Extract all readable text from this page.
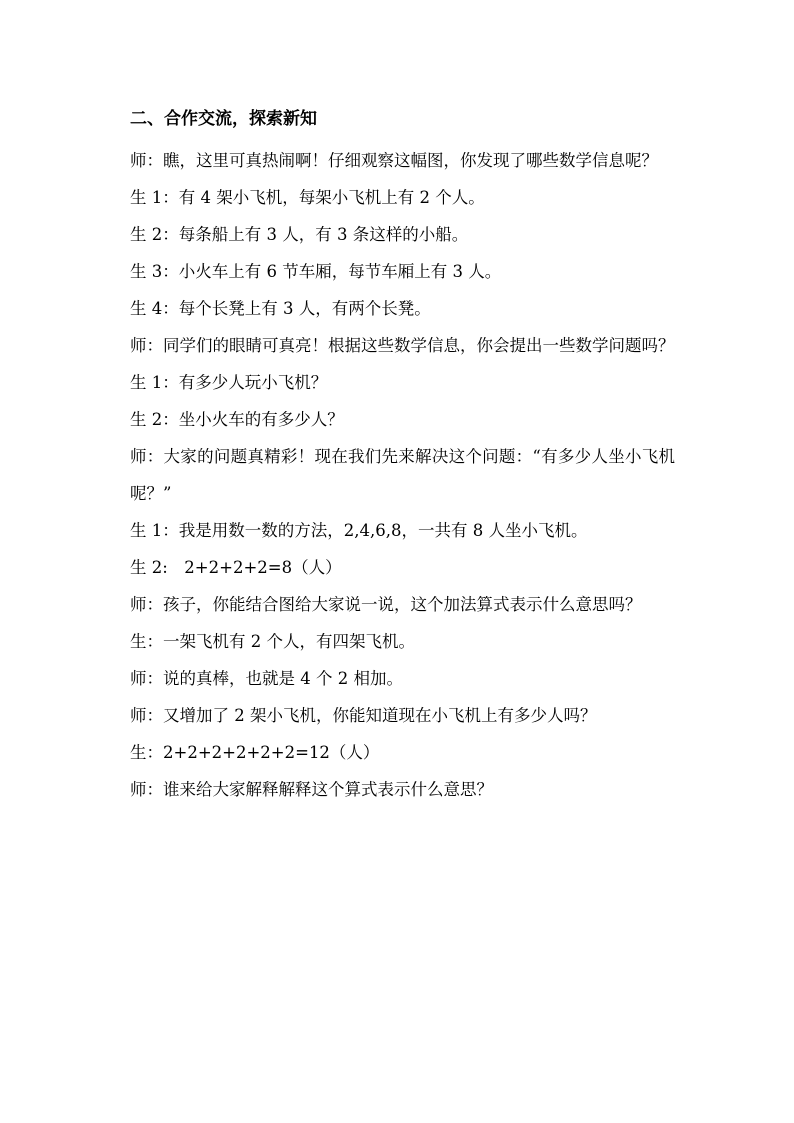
二、合作交流，探索新知

师：瞧，这里可真热闹啊！仔细观察这幅图，你发现了哪些数学信息呢？

生 1：有 4 架小飞机，每架小飞机上有 2 个人。

生 2：每条船上有 3 人，有 3 条这样的小船。

生 3：小火车上有 6 节车厢，每节车厢上有 3 人。

生 4：每个长凳上有 3 人，有两个长凳。

师：同学们的眼睛可真亮！根据这些数学信息，你会提出一些数学问题吗？

生 1：有多少人玩小飞机？

生 2：坐小火车的有多少人？

师：大家的问题真精彩！现在我们先来解决这个问题：“有多少人坐小飞机呢？”

生 1：我是用数一数的方法，2,4,6,8，一共有 8 人坐小飞机。

生 2:　2+2+2+2=8（人）

师：孩子，你能结合图给大家说一说，这个加法算式表示什么意思吗？

生：一架飞机有 2 个人，有四架飞机。

师：说的真棒，也就是 4 个 2 相加。

师：又增加了 2 架小飞机，你能知道现在小飞机上有多少人吗？

生：2+2+2+2+2+2=12（人）

师：谁来给大家解释解释这个算式表示什么意思？
